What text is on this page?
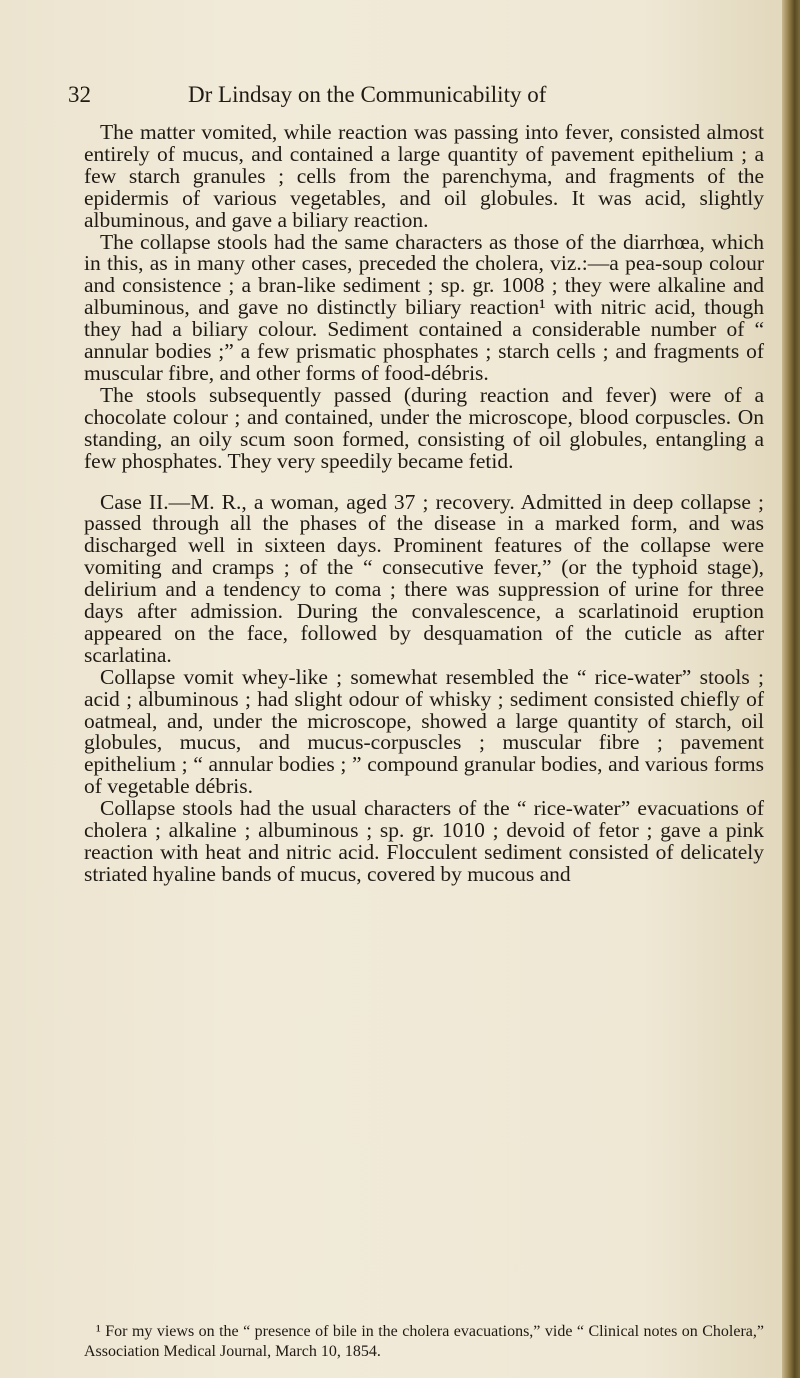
32	Dr Lindsay on the Communicability of

The matter vomited, while reaction was passing into fever, consisted almost entirely of mucus, and contained a large quantity of pavement epithelium ; a few starch granules ; cells from the parenchyma, and fragments of the epidermis of various vegetables, and oil globules. It was acid, slightly albuminous, and gave a biliary reaction.

The collapse stools had the same characters as those of the diarrhœa, which in this, as in many other cases, preceded the cholera, viz.:—a pea-soup colour and consistence ; a bran-like sediment ; sp. gr. 1008 ; they were alkaline and albuminous, and gave no distinctly biliary reaction¹ with nitric acid, though they had a biliary colour. Sediment contained a considerable number of “ annular bodies ;” a few prismatic phosphates ; starch cells ; and fragments of muscular fibre, and other forms of food-débris.

The stools subsequently passed (during reaction and fever) were of a chocolate colour ; and contained, under the microscope, blood corpuscles. On standing, an oily scum soon formed, consisting of oil globules, entangling a few phosphates. They very speedily became fetid.

Case II.—M. R., a woman, aged 37 ; recovery. Admitted in deep collapse ; passed through all the phases of the disease in a marked form, and was discharged well in sixteen days. Prominent features of the collapse were vomiting and cramps ; of the “ consecutive fever,” (or the typhoid stage), delirium and a tendency to coma ; there was suppression of urine for three days after admission. During the convalescence, a scarlatinoid eruption appeared on the face, followed by desquamation of the cuticle as after scarlatina.

Collapse vomit whey-like ; somewhat resembled the “ rice-water” stools ; acid ; albuminous ; had slight odour of whisky ; sediment consisted chiefly of oatmeal, and, under the microscope, showed a large quantity of starch, oil globules, mucus, and mucus-corpuscles ; muscular fibre ; pavement epithelium ; “ annular bodies ; ” compound granular bodies, and various forms of vegetable débris.

Collapse stools had the usual characters of the “ rice-water” evacuations of cholera ; alkaline ; albuminous ; sp. gr. 1010 ; devoid of fetor ; gave a pink reaction with heat and nitric acid. Flocculent sediment consisted of delicately striated hyaline bands of mucus, covered by mucous and

¹ For my views on the “ presence of bile in the cholera evacuations,” vide “ Clinical notes on Cholera,” Association Medical Journal, March 10, 1854.
